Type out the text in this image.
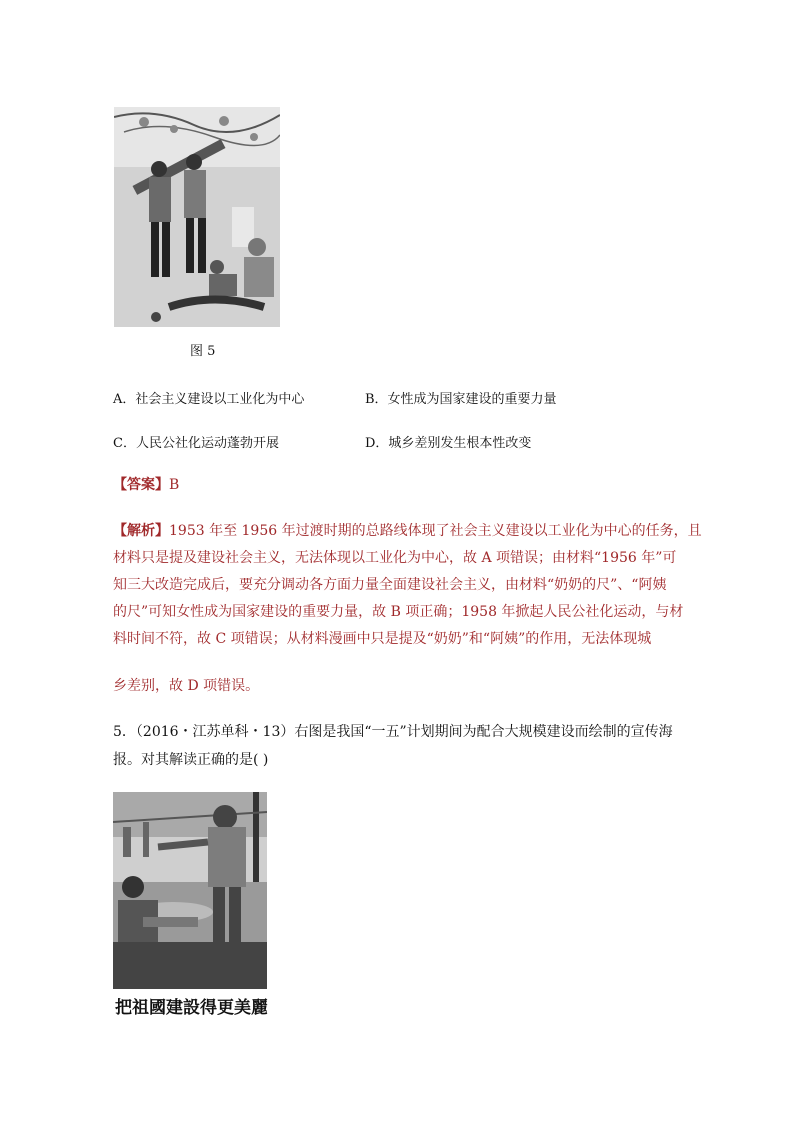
图 5
A．社会主义建设以工业化为中心	B．女性成为国家建设的重要力量
C．人民公社化运动蓬勃开展	D．城乡差别发生根本性改变
【答案】B
【解析】1953 年至 1956 年过渡时期的总路线体现了社会主义建设以工业化为中心的任务，且
材料只是提及建设社会主义，无法体现以工业化为中心，故 A 项错误；由材料“1956 年”可
知三大改造完成后，要充分调动各方面力量全面建设社会主义，由材料“奶奶的尺”、“阿姨
的尺”可知女性成为国家建设的重要力量，故 B 项正确；1958 年掀起人民公社化运动，与材
料时间不符，故 C 项错误；从材料漫画中只是提及“奶奶”和“阿姨”的作用，无法体现城
乡差别，故 D 项错误。
5．（2016・江苏单科・13）右图是我国“一五”计划期间为配合大规模建设而绘制的宣传海
报。对其解读正确的是( )
把祖國建設得更美麗
